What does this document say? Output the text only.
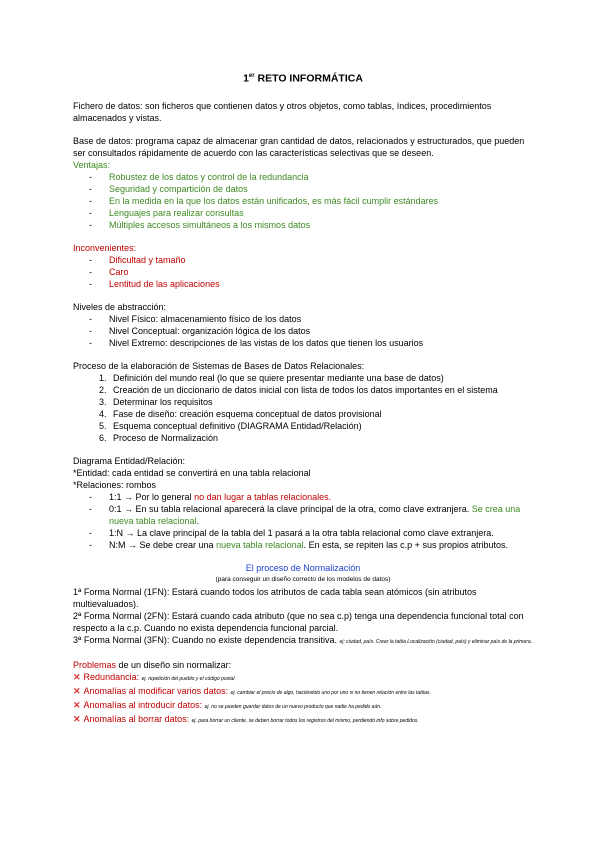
1er RETO INFORMÁTICA

Fichero de datos: son ficheros que contienen datos y otros objetos, como tablas, índices, procedimientos almacenados y vistas.

Base de datos: programa capaz de almacenar gran cantidad de datos, relacionados y estructurados, que pueden ser consultados rápidamente de acuerdo con las características selectivas que se deseen.

Ventajas:

- Robustez de los datos y control de la redundancia
- Seguridad y compartición de datos
- En la medida en la que los datos están unificados, es más fácil cumplir estándares
- Lenguajes para realizar consultas
- Múltiples accesos simultáneos a los mismos datos

Inconvenientes:

- Dificultad y tamaño
- Caro
- Lentitud de las aplicaciones

Niveles de abstracción:

- Nivel Físico: almacenamiento físico de los datos
- Nivel Conceptual: organización lógica de los datos
- Nivel Extremo: descripciones de las vistas de los datos que tienen los usuarios

Proceso de la elaboración de Sistemas de Bases de Datos Relacionales:

1. Definición del mundo real (lo que se quiere presentar mediante una base de datos)
2. Creación de un diccionario de datos inicial con lista de todos los datos importantes en el sistema
3. Determinar los requisitos
4. Fase de diseño: creación esquema conceptual de datos provisional
5. Esquema conceptual definitivo (DIAGRAMA Entidad/Relación)
6. Proceso de Normalización

Diagrama Entidad/Relación:

*Entidad: cada entidad se convertirá en una tabla relacional

*Relaciones: rombos

- 1:1 → Por lo general no dan lugar a tablas relacionales.
- 0:1 → En su tabla relacional aparecerá la clave principal de la otra, como clave extranjera. Se crea una nueva tabla relacional.
- 1:N → La clave principal de la tabla del 1 pasará a la otra tabla relacional como clave extranjera.
- N:M → Se debe crear una nueva tabla relacional. En esta, se repiten las c.p + sus propios atributos.

El proceso de Normalización

(para conseguir un diseño correcto de los modelos de datos)

1ª Forma Normal (1FN): Estará cuando todos los atributos de cada tabla sean atómicos (sin atributos multievaluados).

2ª Forma Normal (2FN): Estará cuando cada atributo (que no sea c.p) tenga una dependencia funcional total con respecto a la c.p. Cuando no exista dependencia funcional parcial.

3ª Forma Normal (3FN): Cuando no existe dependencia transitiva. ej: ciudad, país. Crear la tabla Localización (ciudad, país) y eliminar país de la primera.

Problemas de un diseño sin normalizar:

✕ Redundancia: ej. repetición del pueblo y el código postal

✕ Anomalías al modificar varios datos: ej. cambiar el precio de algo, haciéndolo uno por uno si no tienen relación entre las tablas.

✕ Anomalías al introducir datos: ej. no se pueden guardar datos de un nuevo producto que nadie ha pedido aún.

✕ Anomalías al borrar datos: ej. para borrar un cliente, se deben borrar todos los registros del mismo, perdiendo info sobre pedidos.
